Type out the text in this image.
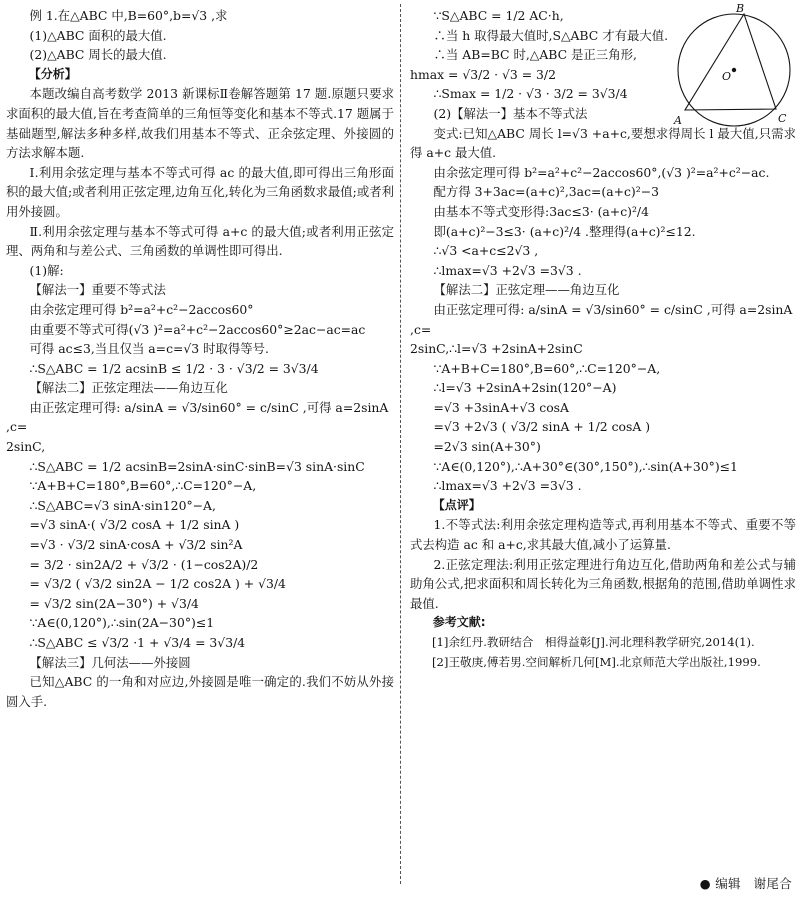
例 1.在△ABC 中,B=60°,b=√3 ,求
(1)△ABC 面积的最大值.
(2)△ABC 周长的最大值.
【分析】
本题改编自高考数学 2013 新课标Ⅱ卷解答题第 17 题.原题只要求求面积的最大值,旨在考查简单的三角恒等变化和基本不等式.17 题属于基础题型,解法多种多样,故我们用基本不等式、正余弦定理、外接圆的方法求解本题.
Ⅰ.利用余弦定理与基本不等式可得 ac 的最大值,即可得出三角形面积的最大值;或者利用正弦定理,边角互化,转化为三角函数求最值;或者利用外接圆。
Ⅱ.利用余弦定理与基本不等式可得 a+c 的最大值;或者利用正弦定理、两角和与差公式、三角函数的单调性即可得出.
(1)解:
【解法一】重要不等式法
由余弦定理可得 b²=a²+c²−2accos60°
由重要不等式可得(√3 )²=a²+c²−2accos60°≥2ac−ac=ac
可得 ac≤3,当且仅当 a=c=√3 时取得等号.
∴S△ABC = 1/2 acsinB ≤ 1/2 · 3 · √3/2 = 3√3/4
【解法二】正弦定理法——角边互化
由正弦定理可得: a/sinA = √3/sin60° = c/sinC ,可得 a=2sinA ,c=
2sinC,
∴S△ABC = 1/2 acsinB=2sinA·sinC·sinB=√3 sinA·sinC
∵A+B+C=180°,B=60°,∴C=120°−A,
∴S△ABC=√3 sinA·sin120°−A,
=√3 sinA·( √3/2 cosA + 1/2 sinA )
=√3 · √3/2 sinA·cosA + √3/2 sin²A
= 3/2 · sin2A/2 + √3/2 · (1−cos2A)/2
= √3/2 ( √3/2 sin2A − 1/2 cos2A ) + √3/4
= √3/2 sin(2A−30°) + √3/4
∵A∈(0,120°),∴sin(2A−30°)≤1
∴S△ABC ≤ √3/2 ·1 + √3/4 = 3√3/4
【解法三】几何法——外接圆
已知△ABC 的一角和对应边,外接圆是唯一确定的.我们不妨从外接圆入手.
B
A	C
O
∵S△ABC = 1/2 AC·h,
∴当 h 取得最大值时,S△ABC 才有最大值.
∴当 AB=BC 时,△ABC 是正三角形,
hmax = √3/2 · √3 = 3/2
∴Smax = 1/2 · √3 · 3/2 = 3√3/4
(2)【解法一】基本不等式法
变式:已知△ABC 周长 l=√3 +a+c,要想求得周长 l 最大值,只需求得 a+c 最大值.
由余弦定理可得 b²=a²+c²−2accos60°,(√3 )²=a²+c²−ac.
配方得 3+3ac=(a+c)²,3ac=(a+c)²−3
由基本不等式变形得:3ac≤3· (a+c)²/4
即(a+c)²−3≤3· (a+c)²/4 .整理得(a+c)²≤12.
∴√3 <a+c≤2√3 ,
∴lmax=√3 +2√3 =3√3 .
【解法二】正弦定理——角边互化
由正弦定理可得: a/sinA = √3/sin60° = c/sinC ,可得 a=2sinA ,c=
2sinC,∴l=√3 +2sinA+2sinC
∵A+B+C=180°,B=60°,∴C=120°−A,
∴l=√3 +2sinA+2sin(120°−A)
=√3 +3sinA+√3 cosA
=√3 +2√3 ( √3/2 sinA + 1/2 cosA )
=2√3 sin(A+30°)
∵A∈(0,120°),∴A+30°∈(30°,150°),∴sin(A+30°)≤1
∴lmax=√3 +2√3 =3√3 .
【点评】
1.不等式法:利用余弦定理构造等式,再利用基本不等式、重要不等式去构造 ac 和 a+c,求其最大值,减小了运算量.
2.正弦定理法:利用正弦定理进行角边互化,借助两角和差公式与辅助角公式,把求面积和周长转化为三角函数,根据角的范围,借助单调性求最值.
参考文献:
[1]余红丹.教研结合　相得益彰[J].河北理科教学研究,2014(1).
[2]王敬庚,傅若男.空间解析几何[M].北京师范大学出版社,1999.
● 编辑　谢尾合
